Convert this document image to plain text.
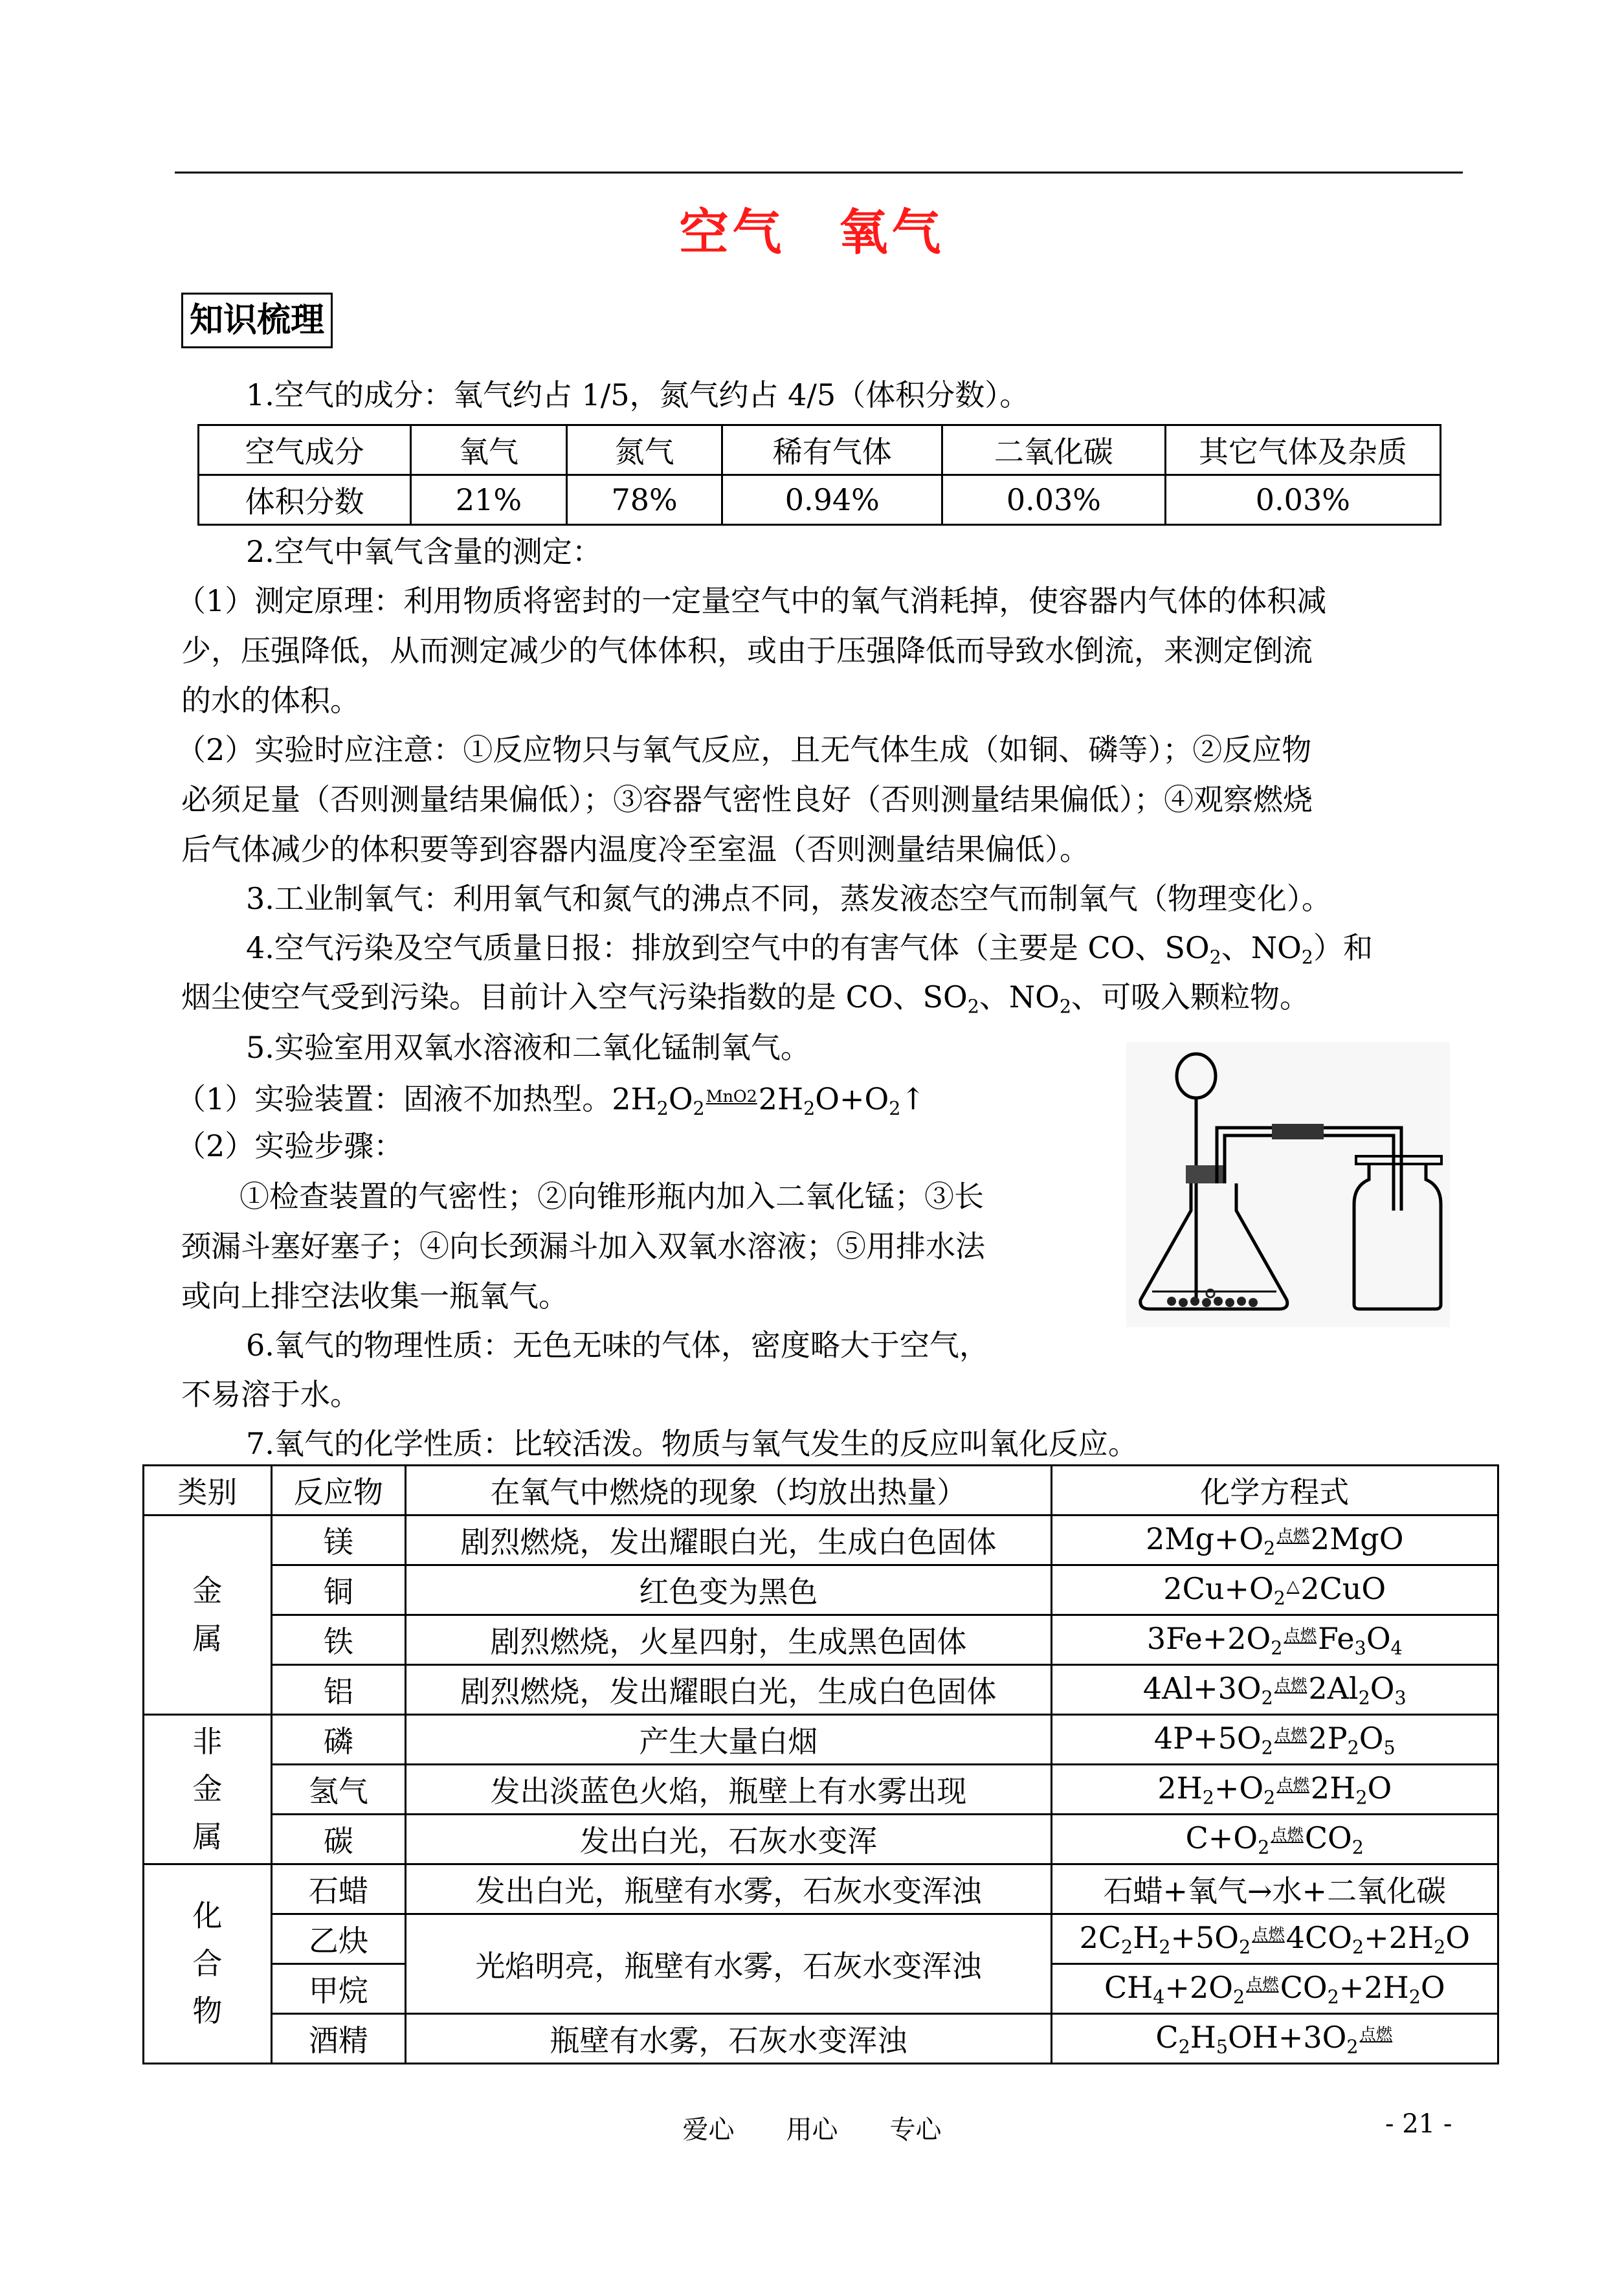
空气　氧气
知识梳理
1.空气的成分：氧气约占 1/5，氮气约占 4/5（体积分数）。
空气成分	氧气	氮气	稀有气体	二氧化碳	其它气体及杂质
体积分数	21%	78%	0.94%	0.03%	0.03%
2.空气中氧气含量的测定：
（1）测定原理：利用物质将密封的一定量空气中的氧气消耗掉，使容器内气体的体积减
少，压强降低，从而测定减少的气体体积，或由于压强降低而导致水倒流，来测定倒流
的水的体积。
（2）实验时应注意：①反应物只与氧气反应，且无气体生成（如铜、磷等）；②反应物
必须足量（否则测量结果偏低）；③容器气密性良好（否则测量结果偏低）；④观察燃烧
后气体减少的体积要等到容器内温度冷至室温（否则测量结果偏低）。
3.工业制氧气：利用氧气和氮气的沸点不同，蒸发液态空气而制氧气（物理变化）。
4.空气污染及空气质量日报：排放到空气中的有害气体（主要是 CO、SO2、NO2）和
烟尘使空气受到污染。目前计入空气污染指数的是 CO、SO2、NO2、可吸入颗粒物。
5.实验室用双氧水溶液和二氧化锰制氧气。
（1）实验装置：固液不加热型。2H2O2MnO22H2O+O2↑
（2）实验步骤：
①检查装置的气密性；②向锥形瓶内加入二氧化锰；③长
颈漏斗塞好塞子；④向长颈漏斗加入双氧水溶液；⑤用排水法
或向上排空法收集一瓶氧气。
6.氧气的物理性质：无色无味的气体，密度略大于空气，
不易溶于水。
7.氧气的化学性质：比较活泼。物质与氧气发生的反应叫氧化反应。
类别	反应物	在氧气中燃烧的现象（均放出热量）	化学方程式
金属	镁	剧烈燃烧，发出耀眼白光，生成白色固体	2Mg+O2点燃2MgO
	铜	红色变为黑色	2Cu+O2△2CuO
	铁	剧烈燃烧，火星四射，生成黑色固体	3Fe+2O2点燃Fe3O4
	铝	剧烈燃烧，发出耀眼白光，生成白色固体	4Al+3O2点燃2Al2O3
非金属	磷	产生大量白烟	4P+5O2点燃2P2O5
	氢气	发出淡蓝色火焰，瓶壁上有水雾出现	2H2+O2点燃2H2O
	碳	发出白光，石灰水变浑	C+O2点燃CO2
化合物	石蜡	发出白光，瓶壁有水雾，石灰水变浑浊	石蜡+氧气→水+二氧化碳
	乙炔	光焰明亮，瓶壁有水雾，石灰水变浑浊	2C2H2+5O2点燃4CO2+2H2O
	甲烷		CH4+2O2点燃CO2+2H2O
	酒精	瓶壁有水雾，石灰水变浑浊	C2H5OH+3O2点燃
爱心　　用心　　专心	- 21 -
